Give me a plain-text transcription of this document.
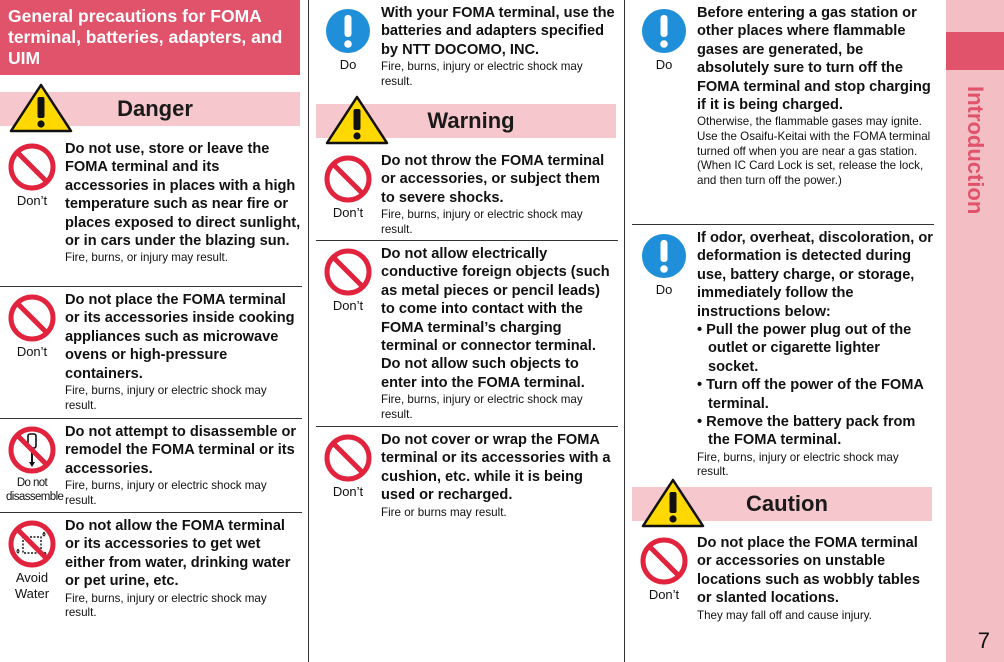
General precautions for FOMA terminal, batteries, adapters, and UIM
Danger
Don’t
Do not use, store or leave the FOMA terminal and its accessories in places with a high temperature such as near fire or places exposed to direct sunlight, or in cars under the blazing sun.
Fire, burns, or injury may result.
Don’t
Do not place the FOMA terminal or its accessories inside cooking appliances such as microwave ovens or high-pressure containers.
Fire, burns, injury or electric shock may result.
Do not
disassemble
Do not attempt to disassemble or remodel the FOMA terminal or its accessories.
Fire, burns, injury or electric shock may result.
Avoid
Water
Do not allow the FOMA terminal or its accessories to get wet either from water, drinking water or pet urine, etc.
Fire, burns, injury or electric shock may result.
Do
With your FOMA terminal, use the batteries and adapters specified by NTT DOCOMO, INC.
Fire, burns, injury or electric shock may result.
Warning
Don’t
Do not throw the FOMA terminal or accessories, or subject them to severe shocks.
Fire, burns, injury or electric shock may result.
Don’t
Do not allow electrically conductive foreign objects (such as metal pieces or pencil leads) to come into contact with the FOMA terminal’s charging terminal or connector terminal. Do not allow such objects to enter into the FOMA terminal.
Fire, burns, injury or electric shock may result.
Don’t
Do not cover or wrap the FOMA terminal or its accessories with a cushion, etc. while it is being used or recharged.
Fire or burns may result.
Do
Before entering a gas station or other places where flammable gases are generated, be absolutely sure to turn off the FOMA terminal and stop charging if it is being charged.
Otherwise, the flammable gases may ignite.
Use the Osaifu-Keitai with the FOMA terminal turned off when you are near a gas station. (When IC Card Lock is set, release the lock, and then turn off the power.)
Do
If odor, overheat, discoloration, or deformation is detected during use, battery charge, or storage, immediately follow the instructions below:
• Pull the power plug out of the outlet or cigarette lighter socket.
• Turn off the power of the FOMA terminal.
• Remove the battery pack from the FOMA terminal.
Fire, burns, injury or electric shock may result.
Caution
Don’t
Do not place the FOMA terminal or accessories on unstable locations such as wobbly tables or slanted locations.
They may fall off and cause injury.
Introduction
7
